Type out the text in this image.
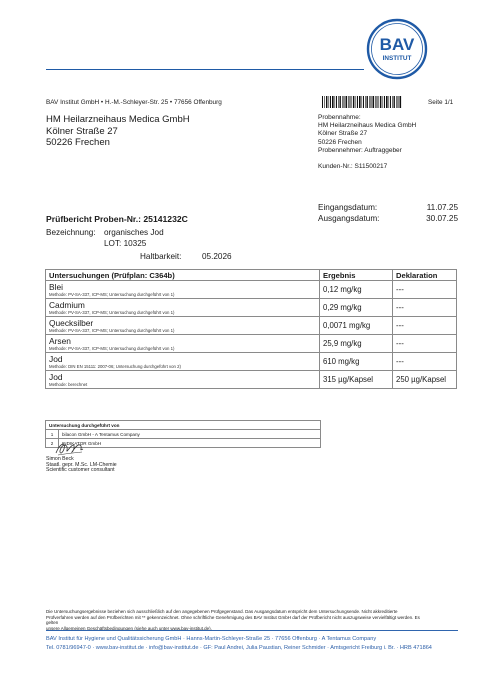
BAV
INSTITUT
BAV Institut GmbH • H.-M.-Schleyer-Str. 25 • 77656 Offenburg	Seite 1/1
HM Heilarzneihaus Medica GmbH
Kölner Straße 27
50226 Frechen
Probennahme:
HM Heilarzneihaus Medica GmbH
Kölner Straße 27
50226 Frechen
Probennehmer: Auftraggeber
Kunden-Nr.: S11500217
Eingangsdatum:	11.07.25
Ausgangsdatum:	30.07.25
Prüfbericht Proben-Nr.: 25141232C
Bezeichnung: organisches Jod
LOT: 10325
Haltbarkeit:	05.2026
Untersuchungen (Prüfplan: C364b)	Ergebnis	Deklaration

Blei
Methode: PV-SA-337, ICP-MS; Untersuchung durchgeführt von 1)	0,12 mg/kg	---

Cadmium
Methode: PV-SA-337, ICP-MS; Untersuchung durchgeführt von 1)	0,29 mg/kg	---

Quecksilber
Methode: PV-SA-337, ICP-MS; Untersuchung durchgeführt von 1)	0,0071 mg/kg	---

Arsen
Methode: PV-SA-337, ICP-MS; Untersuchung durchgeführt von 1)	25,9 mg/kg	---

Jod
Methode: DIN EN 15111: 2007-06; Untersuchung durchgeführt von 2)	610 mg/kg	---

Jod
Methode: berechnet	315 µg/Kapsel	250 µg/Kapsel
Untersuchung durchgeführt von	
1	bilacon GmbH - A Tentamus Company
2	INDIKATOR GmbH
Simon Beck
Staatl. gepr. M.Sc. LM-Chemie
Scientific customer consultant
Die Untersuchungsergebnisse beziehen sich ausschließlich auf den angegebenen Prüfgegenstand. Das Ausgangsdatum entspricht dem Untersuchungsende. Nicht akkreditierte
Prüfverfahren werden auf den Prüfberichten mit ** gekennzeichnet. Ohne schriftliche Genehmigung des BAV Institut GmbH darf der Prüfbericht nicht auszugsweise vervielfältigt werden. Es gelten
unsere Allgemeinen Geschäftsbedingungen (siehe auch unter www.bav-institut.de).
BAV Institut für Hygiene und Qualitätssicherung GmbH · Hanns-Martin-Schleyer-Straße 25 · 77656 Offenburg · A Tentamus Company
Tel. 0781/96947-0 · www.bav-institut.de · info@bav-institut.de · GF: Paul Andrei, Julia Paustian, Reiner Schmider · Amtsgericht Freiburg i. Br. · HRB 471864
